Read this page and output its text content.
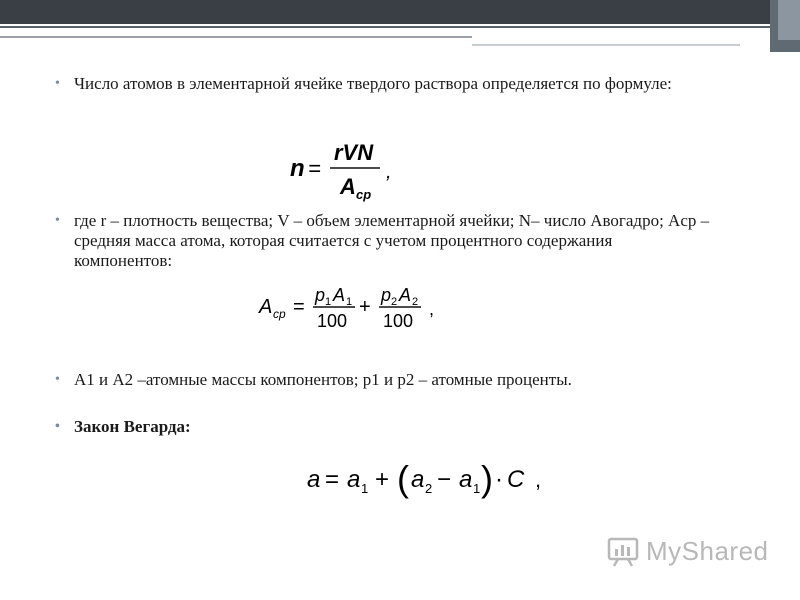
• Число атомов в элементарной ячейке твердого раствора определяется по формуле:
n =
rVN
A cp
,
• где r – плотность вещества; V – объем элементарной ячейки; N– число Авогадро; Acp – средняя масса атома, которая считается с учетом процентного содержания компонентов:
A cp =
p 1 A 1
100
+
p 2 A 2
100
,
• A1 и A2 –атомные массы компонентов; p1 и p2 – атомные проценты.
• Закон Вегарда:
a = a 1 + ( a 2 − a 1 ) · C ,
MyShared
